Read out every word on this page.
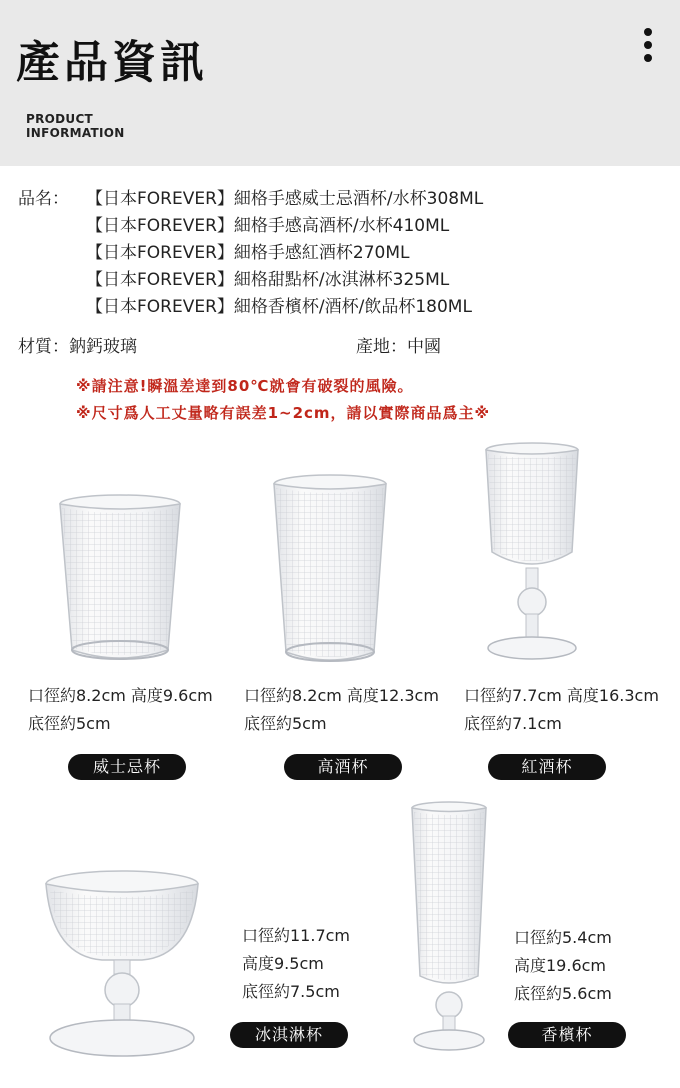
產品資訊
PRODUCT
INFORMATION
品名：	【日本FOREVER】細格手感威士忌酒杯/水杯308ML
【日本FOREVER】細格手感高酒杯/水杯410ML
【日本FOREVER】細格手感紅酒杯270ML
【日本FOREVER】細格甜點杯/冰淇淋杯325ML
【日本FOREVER】細格香檳杯/酒杯/飲品杯180ML
材質：鈉鈣玻璃	產地：中國
※請注意!瞬溫差達到80℃就會有破裂的風險。
※尺寸爲人工丈量略有誤差1~2cm，請以實際商品爲主※
口徑約8.2cm 高度9.6cm
底徑約5cm
口徑約8.2cm 高度12.3cm
底徑約5cm
口徑約7.7cm 高度16.3cm
底徑約7.1cm
威士忌杯	高酒杯	紅酒杯
口徑約11.7cm
高度9.5cm
底徑約7.5cm
口徑約5.4cm
高度19.6cm
底徑約5.6cm
冰淇淋杯	香檳杯
